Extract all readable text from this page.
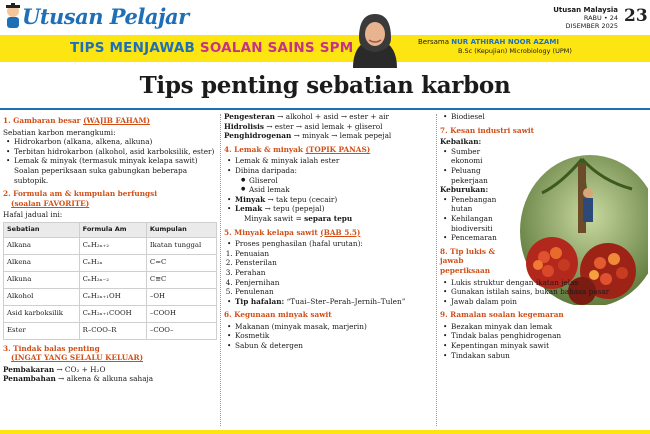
Utusan Pelajar	Utusan Malaysia
RABU • 24 DISEMBER 2025 23
TIPS MENJAWAB SOALAN SAINS SPM	Bersama NUR ATHIRAH NOOR AZAMI
B.Sc (Kepujian) Microbiology (UPM)
Tips penting sebatian karbon
1. Gambaran besar (WAJIB FAHAM)
Sebatian karbon merangkumi:
• Hidrokarbon (alkana, alkena, alkuna)
• Terbitan hidrokarbon (alkohol, asid karboksilik, ester)
• Lemak & minyak (termasuk minyak kelapa sawit)
Soalan peperiksaan suka gabungkan beberapa subtopik.
2. Formula am & kumpulan berfungsi
(soalan FAVORITE)
Hafal jadual ini:
Sebatian	Formula Am	Kumpulan
Alkana	CₙH₂ₙ₊₂	Ikatan tunggal
Alkena	CₙH₂ₙ	C=C
Alkuna	CₙH₂ₙ₋₂	C≡C
Alkohol	CₙH₂ₙ₊₁OH	–OH
Asid karboksilik	CₙH₂ₙ₊₁COOH	–COOH
Ester	R–COO–R	–COO–
3. Tindak balas penting
(INGAT YANG SELALU KELUAR)
Pembakaran → CO₂ + H₂O
Penambahan → alkena & alkuna sahaja
Pengesteran → alkohol + asid → ester + air
Hidrolisis → ester → asid lemak + gliserol
Penghidrogenan → minyak → lemak pepejal
4. Lemak & minyak (TOPIK PANAS)
• Lemak & minyak ialah ester
• Dibina daripada:
● Gliserol
● Asid lemak
• Minyak → tak tepu (cecair)
• Lemak → tepu (pepejal)
Minyak sawit = separa tepu
5. Minyak kelapa sawit (BAB 5.5)
• Proses penghasilan (hafal urutan):
1. Penuaian
2. Pensterilan
3. Perahan
4. Penjernihan
5. Penulenan
• Tip hafalan: “Tuai–Ster–Perah–Jernih–Tulen”
6. Kegunaan minyak sawit
• Makanan (minyak masak, marjerin)
• Kosmetik
• Sabun & detergen
• Biodiesel
7. Kesan industri sawit
Kebaikan:
• Sumber ekonomi
• Peluang pekerjaan
Keburukan:
• Penebangan hutan
• Kehilangan biodiversiti
• Pencemaran
8. Tip lukis & jawab peperiksaan
• Lukis struktur dengan ikatan jelas
• Gunakan istilah sains, bukan bahasa pasar
• Jawab dalam poin
9. Ramalan soalan kegemaran
• Bezakan minyak dan lemak
• Tindak balas penghidrogenan
• Kepentingan minyak sawit
• Tindakan sabun
